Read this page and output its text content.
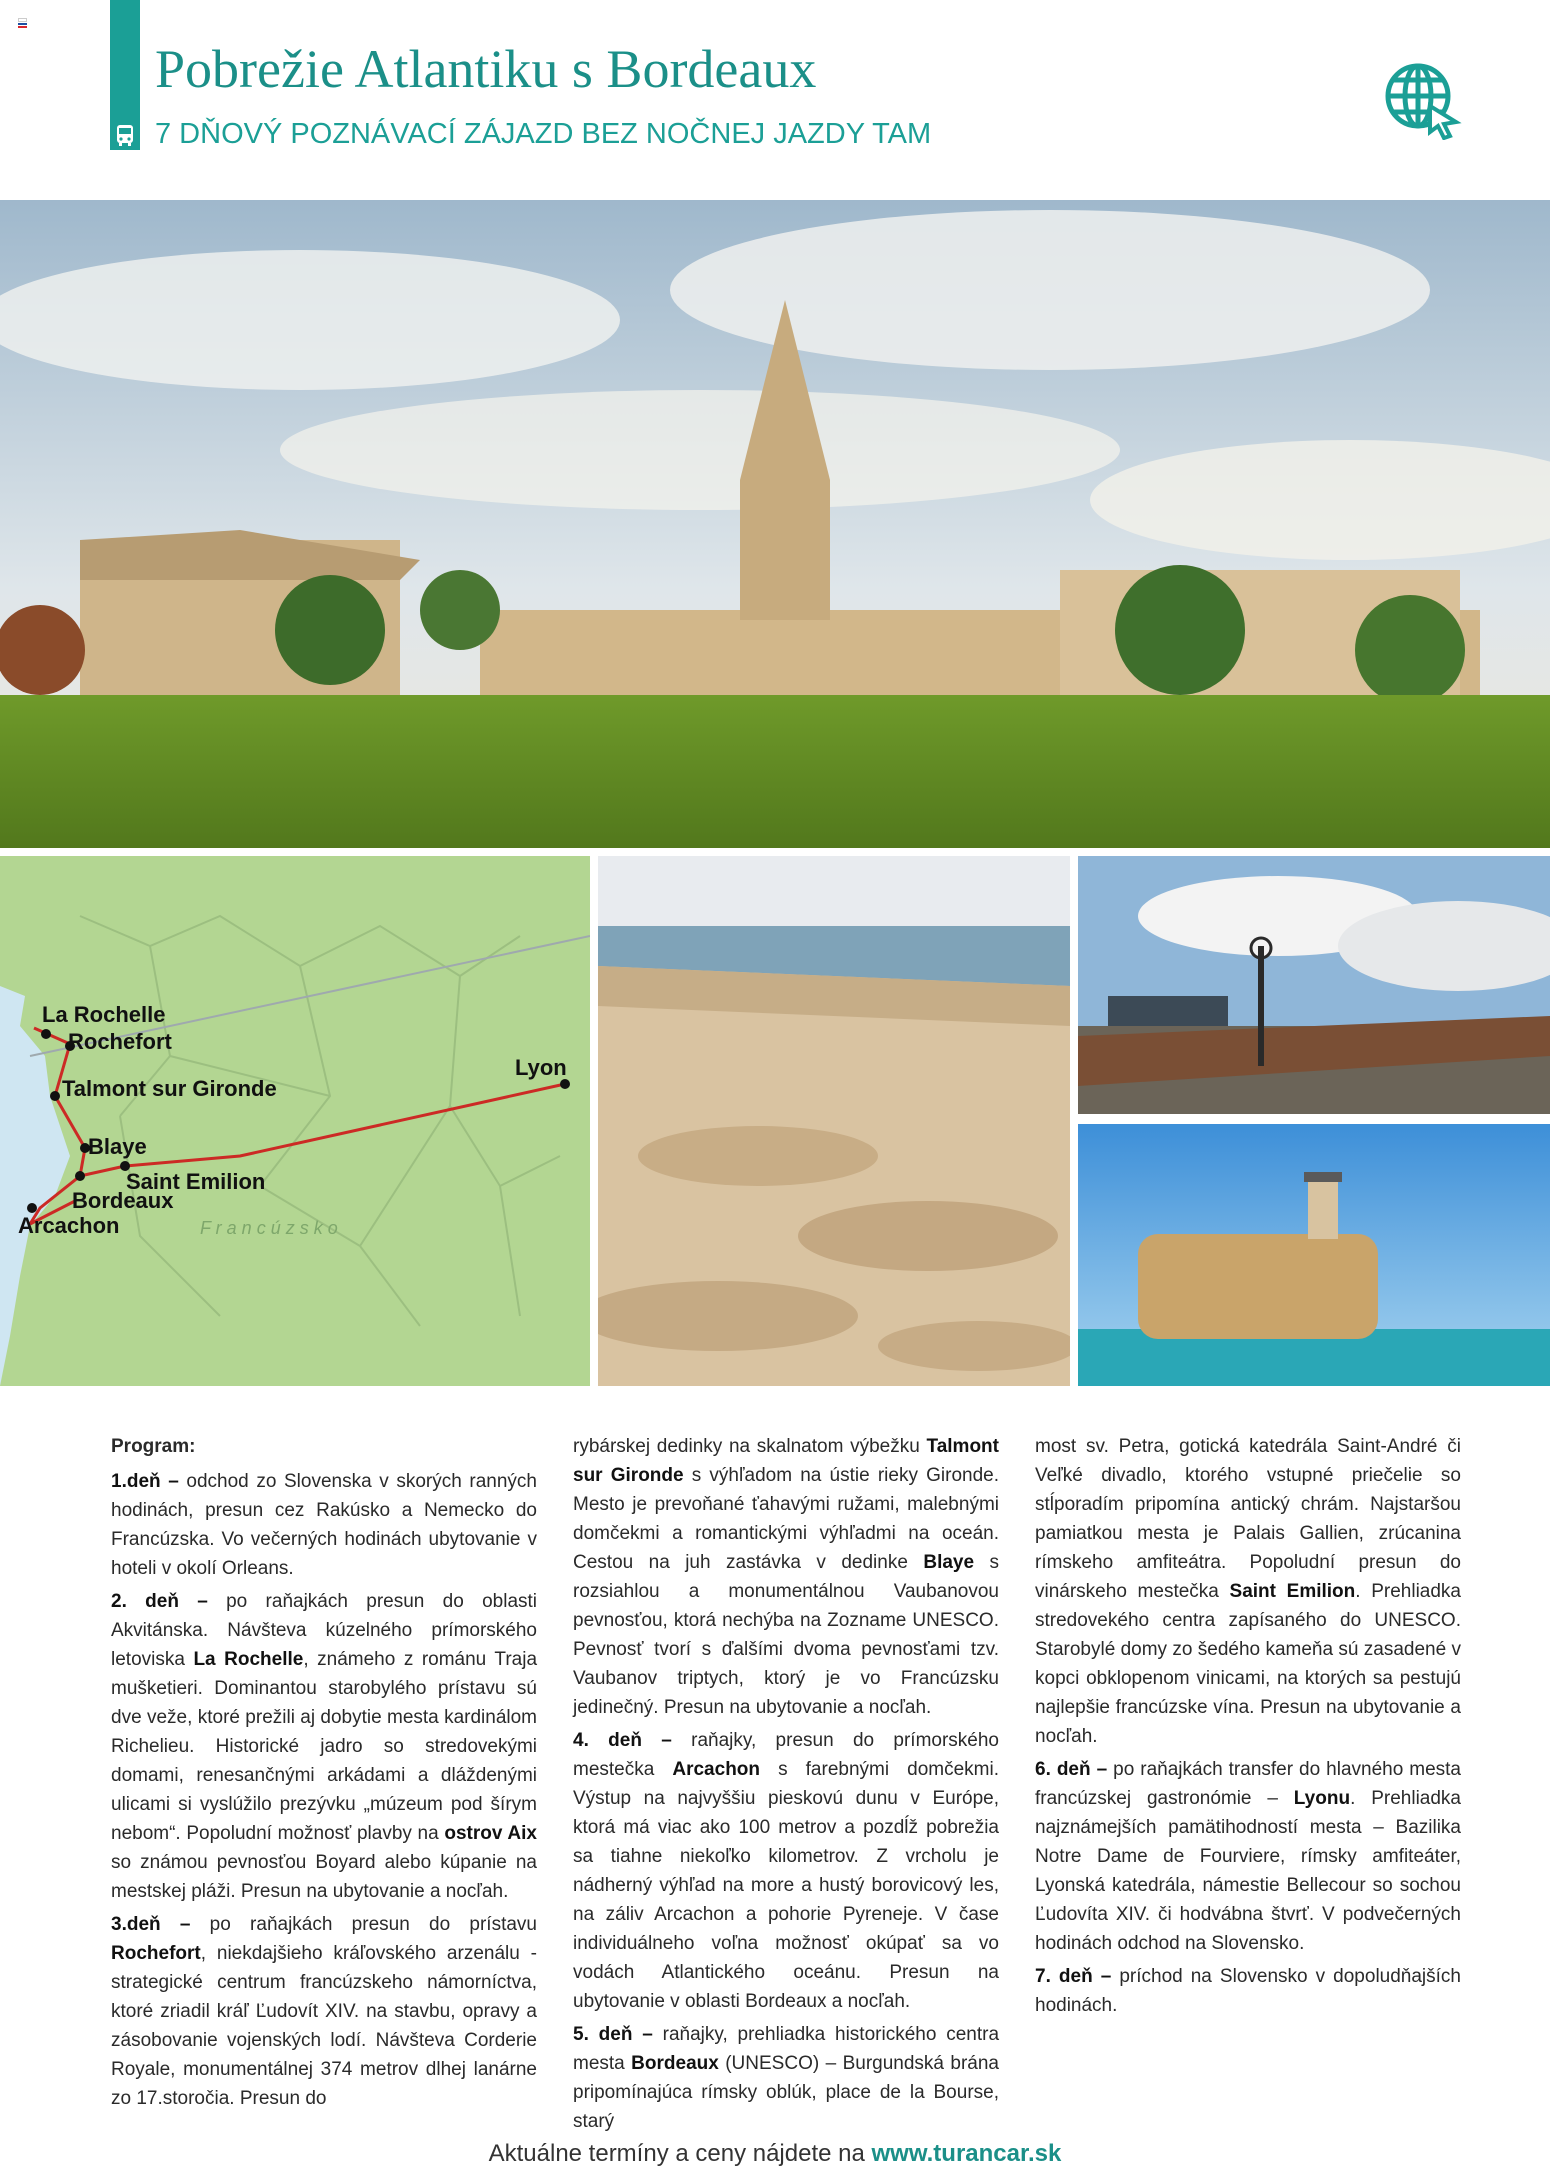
Pobrežie Atlantiku s Bordeaux
7 DŇOVÝ POZNÁVACÍ ZÁJAZD BEZ NOČNEJ JAZDY TAM
La Rochelle
Rochefort
Talmont sur Gironde
Blaye
Saint Emilion
Bordeaux
Arcachon
Lyon
F r a n c ú z s k o

Program:

1.deň – odchod zo Slovenska v skorých ranných hodinách, presun cez Rakúsko a Nemecko do Francúzska. Vo večerných hodinách ubytovanie v hoteli v okolí Orleans.

2. deň – po raňajkách presun do oblasti Akvitánska. Návšteva kúzelného prímorského letoviska La Rochelle, známeho z románu Traja mušketieri. Dominantou starobylého prístavu sú dve veže, ktoré prežili aj dobytie mesta kardinálom Richelieu. Historické jadro so stredovekými domami, renesančnými arkádami a dláždenými ulicami si vyslúžilo prezývku „múzeum pod šírym nebom“. Popoludní možnosť plavby na ostrov Aix so známou pevnosťou Boyard alebo kúpanie na mestskej pláži. Presun na ubytovanie a nocľah.

3.deň – po raňajkách presun do prístavu Rochefort, niekdajšieho kráľovského arzenálu - strategické centrum francúzskeho námorníctva, ktoré zriadil kráľ Ľudovít XIV. na stavbu, opravy a zásobovanie vojenských lodí. Návšteva Corderie Royale, monumentálnej 374 metrov dlhej lanárne zo 17.storočia. Presun do

rybárskej dedinky na skalnatom výbežku Talmont sur Gironde s výhľadom na ústie rieky Gironde. Mesto je prevoňané ťahavými ružami, malebnými domčekmi a romantickými výhľadmi na oceán. Cestou na juh zastávka v dedinke Blaye s rozsiahlou a monumentálnou Vaubanovou pevnosťou, ktorá nechýba na Zozname UNESCO. Pevnosť tvorí s ďalšími dvoma pevnosťami tzv. Vaubanov triptych, ktorý je vo Francúzsku jedinečný. Presun na ubytovanie a nocľah.

4. deň – raňajky, presun do prímorského mestečka Arcachon s farebnými domčekmi. Výstup na najvyššiu pieskovú dunu v Európe, ktorá má viac ako 100 metrov a pozdĺž pobrežia sa tiahne niekoľko kilometrov. Z vrcholu je nádherný výhľad na more a hustý borovicový les, na záliv Arcachon a pohorie Pyreneje. V čase individuálneho voľna možnosť okúpať sa vo vodách Atlantického oceánu. Presun na ubytovanie v oblasti Bordeaux a nocľah.

5. deň – raňajky, prehliadka historického centra mesta Bordeaux (UNESCO) – Burgundská brána pripomínajúca rímsky oblúk, place de la Bourse, starý

most sv. Petra, gotická katedrála Saint-André či Veľké divadlo, ktorého vstupné priečelie so stĺporadím pripomína antický chrám. Najstaršou pamiatkou mesta je Palais Gallien, zrúcanina rímskeho amfiteátra. Popoludní presun do vinárskeho mestečka Saint Emilion. Prehliadka stredovekého centra zapísaného do UNESCO. Starobylé domy zo šedého kameňa sú zasadené v kopci obklopenom vinicami, na ktorých sa pestujú najlepšie francúzske vína. Presun na ubytovanie a nocľah.

6. deň – po raňajkách transfer do hlavného mesta francúzskej gastronómie – Lyonu. Prehliadka najznámejších pamätihodností mesta – Bazilika Notre Dame de Fourviere, rímsky amfiteáter, Lyonská katedrála, námestie Bellecour so sochou Ľudovíta XIV. či hodvábna štvrť. V podvečerných hodinách odchod na Slovensko.

7. deň – príchod na Slovensko v dopoludňajších hodinách.

Aktuálne termíny a ceny nájdete na www.turancar.sk
